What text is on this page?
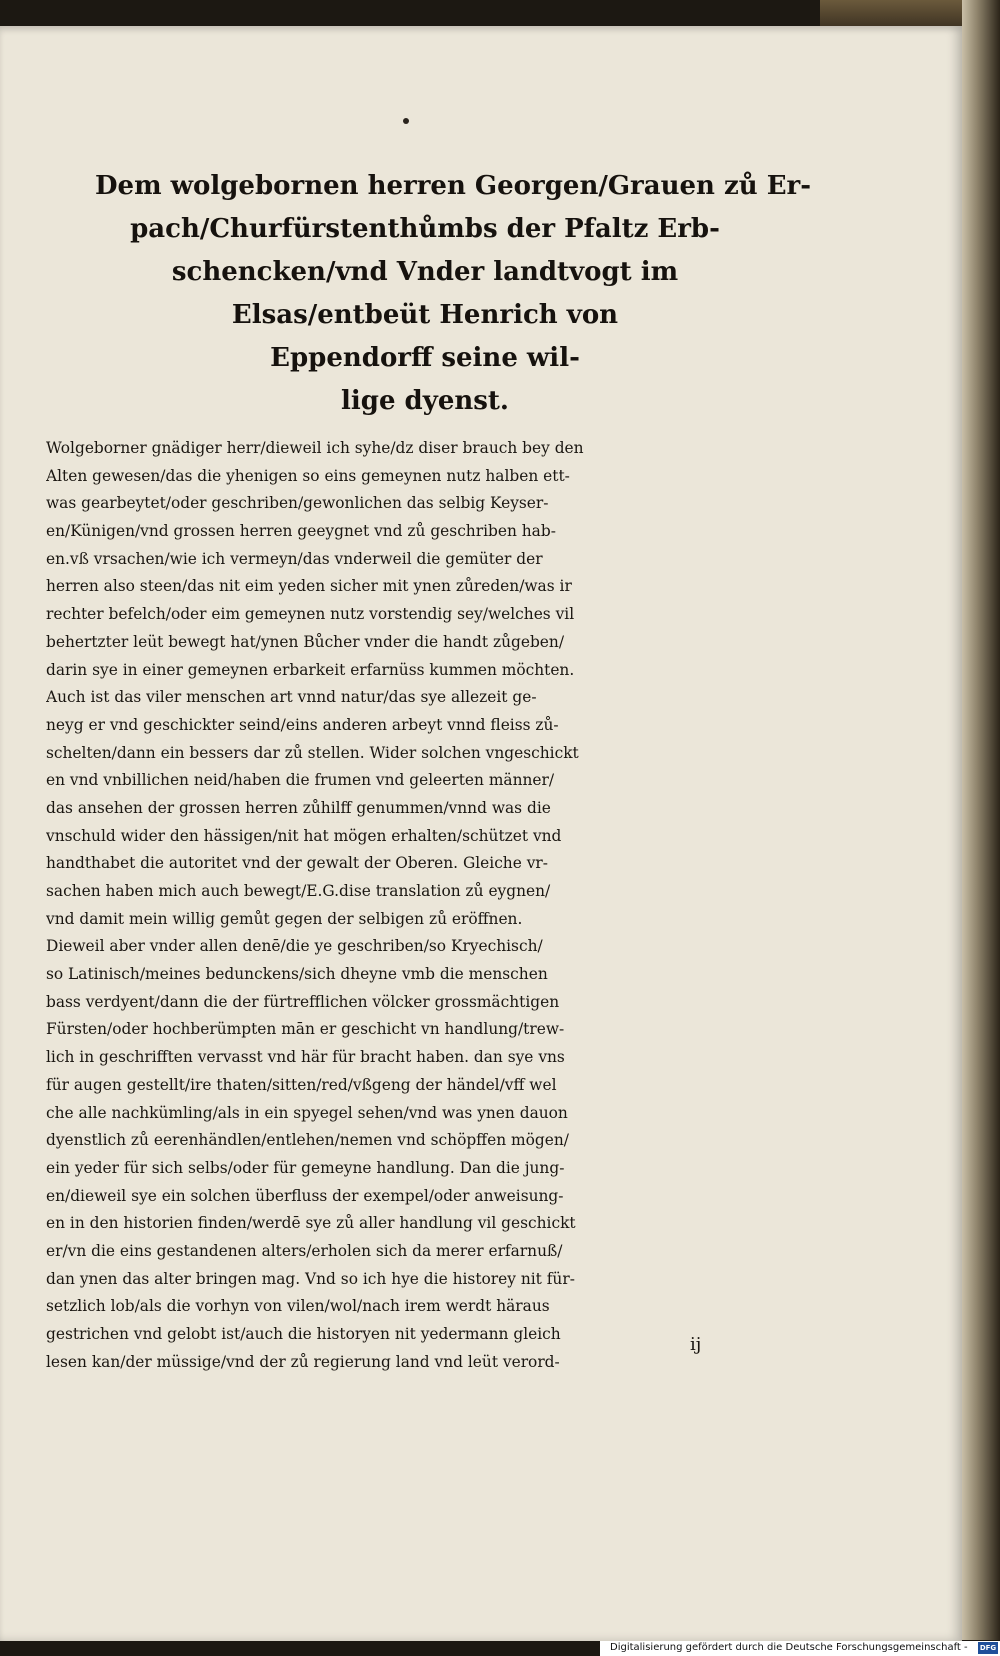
Dem wolgebornen herren Georgen/Grauen zů Er-
pach/Churfürstenthůmbs der Pfaltz Erb-
schencken/vnd Vnder landtvogt im
Elsas/entbeüt Henrich von
Eppendorff seine wil-
lige dyenst.
Wolgeborner gnädiger herr/dieweil ich syhe/dz diser brauch bey den
Alten gewesen/das die yhenigen so eins gemeynen nutz halben ett-
was gearbeytet/oder geschriben/gewonlichen das selbig Keyser-
en/Künigen/vnd grossen herren geeygnet vnd zů geschriben hab-
en.vß vrsachen/wie ich vermeyn/das vnderweil die gemüter der
herren also steen/das nit eim yeden sicher mit ynen zůreden/was ir
rechter befelch/oder eim gemeynen nutz vorstendig sey/welches vil
behertzter leüt bewegt hat/ynen Bůcher vnder die handt zůgeben/
darin sye in einer gemeynen erbarkeit erfarnüss kummen möchten.
Auch ist das viler menschen art vnnd natur/das sye allezeit ge-
neyg er vnd geschickter seind/eins anderen arbeyt vnnd fleiss zů-
schelten/dann ein bessers dar zů stellen. Wider solchen vngeschickt
en vnd vnbillichen neid/haben die frumen vnd geleerten männer/
das ansehen der grossen herren zůhilff genummen/vnnd was die
vnschuld wider den hässigen/nit hat mögen erhalten/schützet vnd
handthabet die autoritet vnd der gewalt der Oberen. Gleiche vr-
sachen haben mich auch bewegt/E.G.dise translation zů eygnen/
vnd damit mein willig gemůt gegen der selbigen zů eröffnen.
Dieweil aber vnder allen denē/die ye geschriben/so Kryechisch/
so Latinisch/meines bedunckens/sich dheyne vmb die menschen
bass verdyent/dann die der fürtrefflichen völcker grossmächtigen
Fürsten/oder hochberümpten mān er geschicht vn handlung/trew-
lich in geschrifften vervasst vnd här für bracht haben. dan sye vns
für augen gestellt/ire thaten/sitten/red/vßgeng der händel/vff wel
che alle nachkümling/als in ein spyegel sehen/vnd was ynen dauon
dyenstlich zů eerenhändlen/entlehen/nemen vnd schöpffen mögen/
ein yeder für sich selbs/oder für gemeyne handlung. Dan die jung-
en/dieweil sye ein solchen überfluss der exempel/oder anweisung-
en in den historien finden/werdē sye zů aller handlung vil geschickt
er/vn die eins gestandenen alters/erholen sich da merer erfarnuß/
dan ynen das alter bringen mag. Vnd so ich hye die historey nit für-
setzlich lob/als die vorhyn von vilen/wol/nach irem werdt häraus
gestrichen vnd gelobt ist/auch die historyen nit yedermann gleich
lesen kan/der müssige/vnd der zů regierung land vnd leüt verord-
ij
Digitalisierung gefördert durch die Deutsche Forschungsgemeinschaft - DFG
